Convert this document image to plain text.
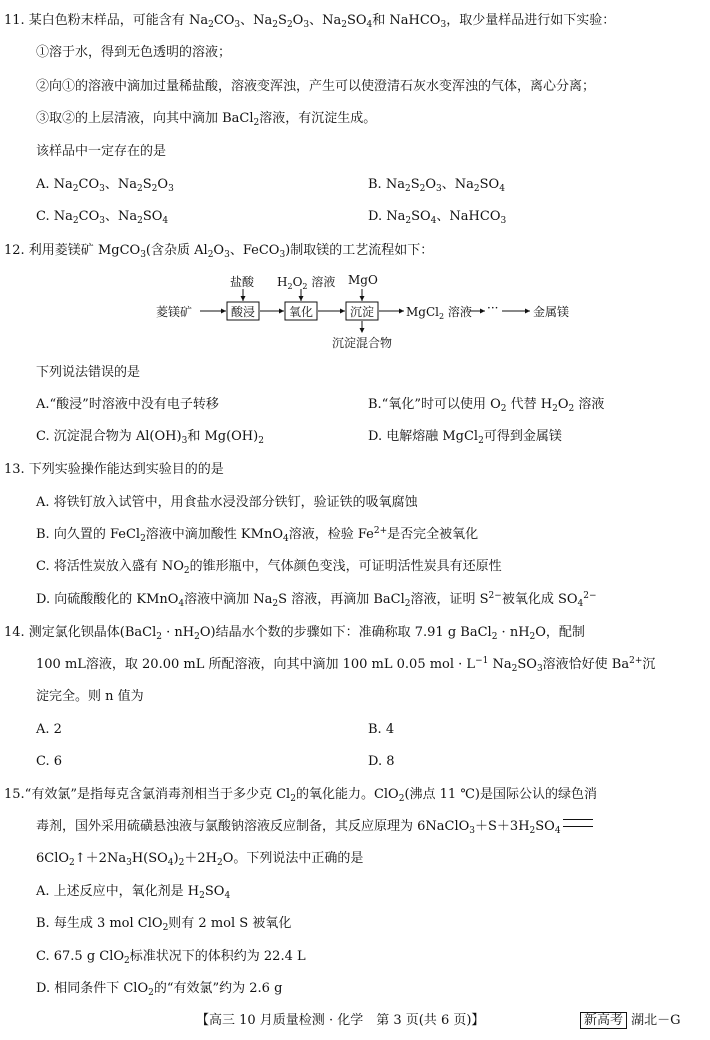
11. 某白色粉末样品，可能含有 $Na_2CO_3$、$Na_2S_2O_3$、$Na_2SO_4$和 NaHCO$_3$，取少量样品进行如下实验：
①溶于水，得到无色透明的溶液；
②向①的溶液中滴加过量稀盐酸，溶液变浑浊，产生可以使澄清石灰水变浑浊的气体，离心分离；
③取②的上层清液，向其中滴加 BaCl$_2$溶液，有沉淀生成。
该样品中一定存在的是
A. $Na_2CO_3$、$Na_2S_2O_3$	B. $Na_2S_2O_3$、$Na_2SO_4$
C. $Na_2CO_3$、$Na_2SO_4$	D. $Na_2SO_4$、NaHCO$_3$
12. 利用菱镁矿 MgCO$_3$(含杂质 $Al_2O_3$、FeCO$_3$)制取镁的工艺流程如下：
盐酸 $H_2O_2$ 溶液 MgO
菱镁矿	酸浸	氧化	沉淀	MgCl$_2$ 溶液 ···	金属镁
沉淀混合物
下列说法错误的是
A.“酸浸”时溶液中没有电子转移	B.“氧化”时可以使用 $O_2$ 代替 $H_2O_2$ 溶液
C. 沉淀混合物为 $Al(OH)_3$和 $Mg(OH)_2$	D. 电解熔融 MgCl$_2$可得到金属镁
13. 下列实验操作能达到实验目的的是
A. 将铁钉放入试管中，用食盐水浸没部分铁钉，验证铁的吸氧腐蚀
B. 向久置的 FeCl$_2$溶液中滴加酸性 KMnO$_4$溶液，检验 $Fe^{2+}$是否完全被氧化
C. 将活性炭放入盛有 $NO_2$的锥形瓶中，气体颜色变浅，可证明活性炭具有还原性
D. 向硫酸酸化的 KMnO$_4$溶液中滴加 $Na_2S$ 溶液，再滴加 BaCl$_2$溶液，证明 $S^{2-}$被氧化成 $SO_4^{2-}$
14. 测定氯化钡晶体(BaCl$_2$ · $nH_2O$)结晶水个数的步骤如下：准确称取 7.91 g BaCl$_2$ · $nH_2O$，配制
100 mL溶液，取 20.00 mL 所配溶液，向其中滴加 100 mL 0.05 mol · $L^{-1}$ $Na_2SO_3$溶液恰好使 $Ba^{2+}$沉
淀完全。则 n 值为
A. 2	B. 4
C. 6	D. 8
15.“有效氯”是指每克含氯消毒剂相当于多少克 $Cl_2$的氧化能力。ClO$_2$(沸点 11 ℃)是国际公认的绿色消
毒剂，国外采用硫磺悬浊液与氯酸钠溶液反应制备，其反应原理为 $6NaClO_3+S+3H_2SO_4$
$6ClO_2↑+2Na_3H(SO_4)_2+2H_2O$。下列说法中正确的是
A. 上述反应中，氧化剂是 $H_2SO_4$
B. 每生成 3 mol ClO$_2$则有 2 mol S 被氧化
C. 67.5 g ClO$_2$标准状况下的体积约为 22.4 L
D. 相同条件下 ClO$_2$的“有效氯”约为 2.6 g
【高三 10 月质量检测 · 化学　第 3 页(共 6 页)】	新高考 湖北－G
